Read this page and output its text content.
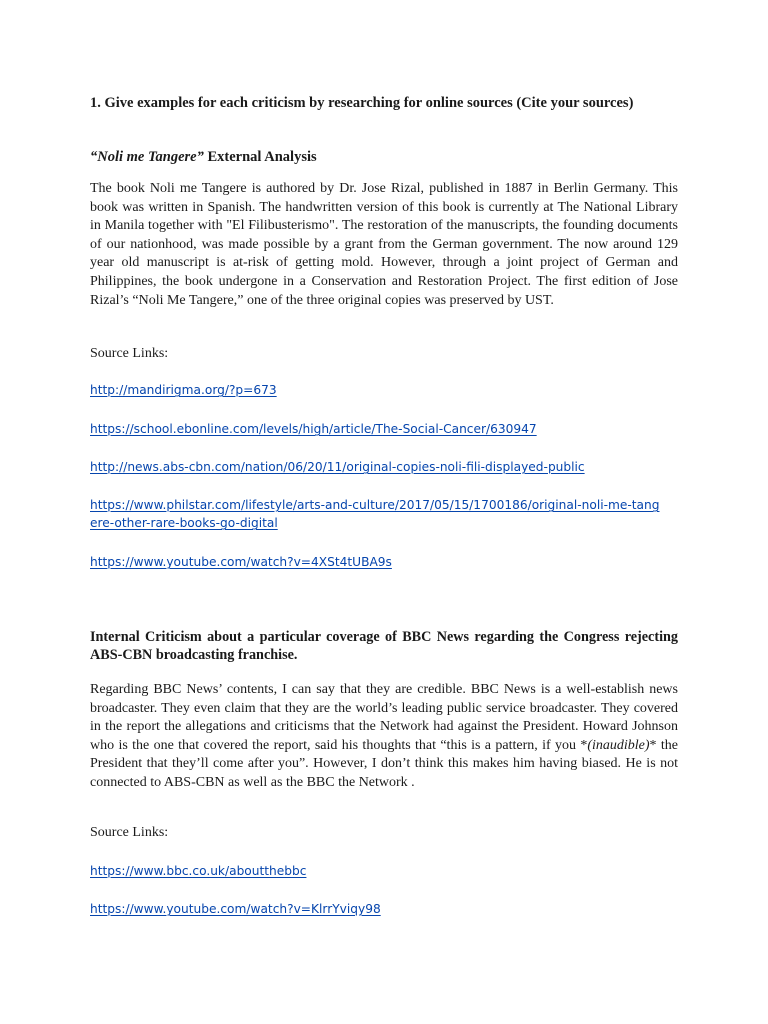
1. Give examples for each criticism by researching for online sources (Cite your sources)

“Noli me Tangere” External Analysis

The book Noli me Tangere is authored by Dr. Jose Rizal, published in 1887 in Berlin Germany. This book was written in Spanish. The handwritten version of this book is currently at The National Library in Manila together with "El Filibusterismo". The restoration of the manuscripts, the founding documents of our nationhood, was made possible by a grant from the German government. The now around 129 year old manuscript is at-risk of getting mold. However, through a joint project of German and Philippines, the book undergone in a Conservation and Restoration Project. The first edition of Jose Rizal’s “Noli Me Tangere,” one of the three original copies was preserved by UST.

Source Links:

http://mandirigma.org/?p=673
https://school.ebonline.com/levels/high/article/The-Social-Cancer/630947
http://news.abs-cbn.com/nation/06/20/11/original-copies-noli-fili-displayed-public
https://www.philstar.com/lifestyle/arts-and-culture/2017/05/15/1700186/original-noli-me-tangere-other-rare-books-go-digital
https://www.youtube.com/watch?v=4XSt4tUBA9s

Internal Criticism about a particular coverage of BBC News regarding the Congress rejecting ABS-CBN broadcasting franchise.

Regarding BBC News’ contents, I can say that they are credible. BBC News is a well-establish news broadcaster. They even claim that they are the world’s leading public service broadcaster. They covered in the report the allegations and criticisms that the Network had against the President. Howard Johnson who is the one that covered the report, said his thoughts that “this is a pattern, if you *(inaudible)* the President that they’ll come after you”. However, I don’t think this makes him having biased. He is not connected to ABS-CBN as well as the BBC the Network .

Source Links:

https://www.bbc.co.uk/aboutthebbc
https://www.youtube.com/watch?v=KlrrYviqy98
